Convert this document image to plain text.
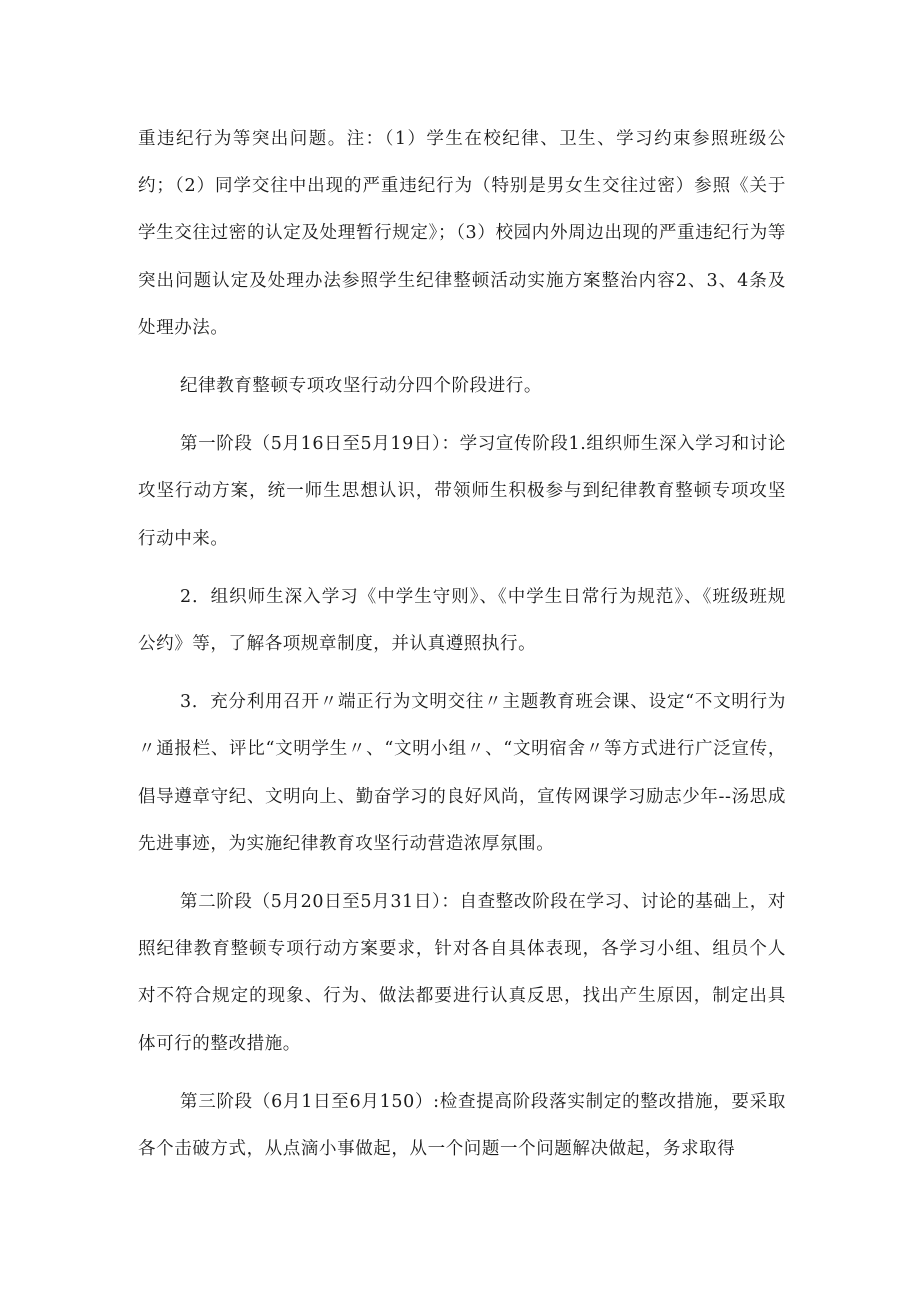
重违纪行为等突出问题。注：（1）学生在校纪律、卫生、学习约束参照班级公约；（2）同学交往中出现的严重违纪行为（特别是男女生交往过密）参照《关于学生交往过密的认定及处理暂行规定》；（3）校园内外周边出现的严重违纪行为等突出问题认定及处理办法参照学生纪律整顿活动实施方案整治内容2、3、4条及处理办法。

纪律教育整顿专项攻坚行动分四个阶段进行。

第一阶段（5月16日至5月19日）：学习宣传阶段1.组织师生深入学习和讨论攻坚行动方案，统一师生思想认识，带领师生积极参与到纪律教育整顿专项攻坚行动中来。

2．组织师生深入学习《中学生守则》、《中学生日常行为规范》、《班级班规公约》等，了解各项规章制度，并认真遵照执行。

3．充分利用召开〃端正行为文明交往〃主题教育班会课、设定“不文明行为〃通报栏、评比“文明学生〃、“文明小组〃、“文明宿舍〃等方式进行广泛宣传，倡导遵章守纪、文明向上、勤奋学习的良好风尚，宣传网课学习励志少年--汤思成先进事迹，为实施纪律教育攻坚行动营造浓厚氛围。

第二阶段（5月20日至5月31日）：自查整改阶段在学习、讨论的基础上，对照纪律教育整顿专项行动方案要求，针对各自具体表现，各学习小组、组员个人对不符合规定的现象、行为、做法都要进行认真反思，找出产生原因，制定出具体可行的整改措施。

第三阶段（6月1日至6月150）:检查提高阶段落实制定的整改措施，要采取各个击破方式，从点滴小事做起，从一个问题一个问题解决做起，务求取得
